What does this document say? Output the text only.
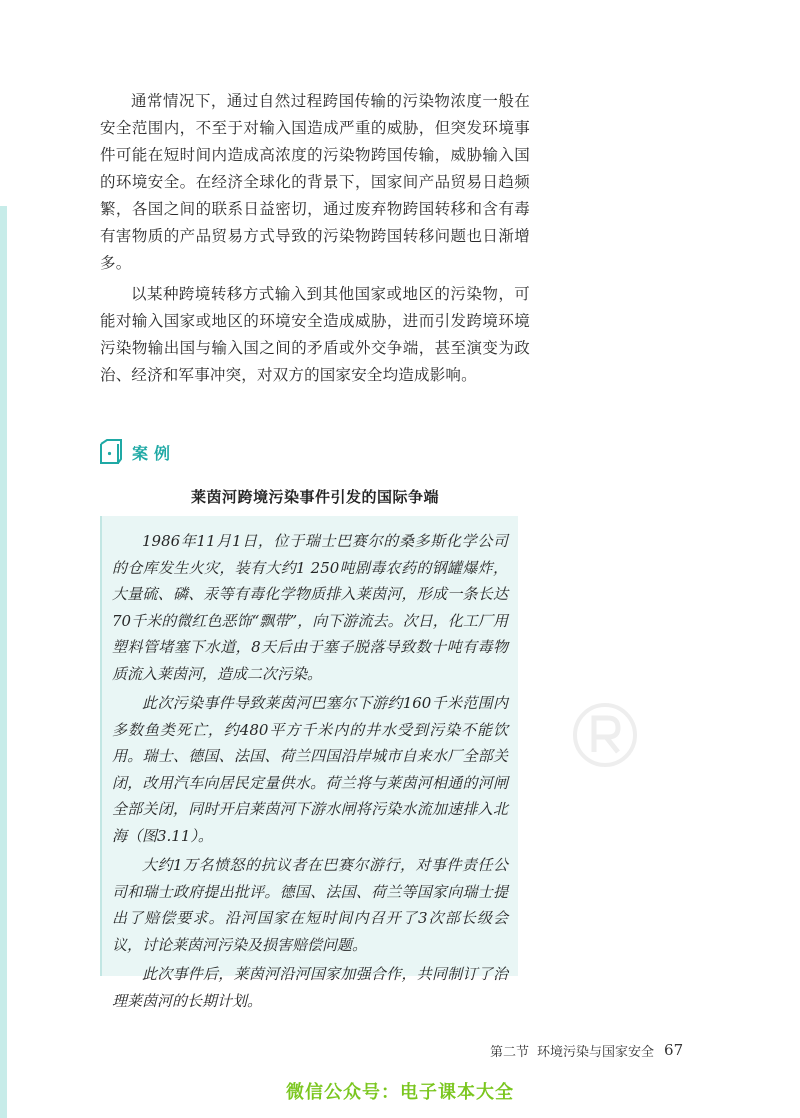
通常情况下，通过自然过程跨国传输的污染物浓度一般在安全范围内，不至于对输入国造成严重的威胁，但突发环境事件可能在短时间内造成高浓度的污染物跨国传输，威胁输入国的环境安全。在经济全球化的背景下，国家间产品贸易日趋频繁，各国之间的联系日益密切，通过废弃物跨国转移和含有毒有害物质的产品贸易方式导致的污染物跨国转移问题也日渐增多。

以某种跨境转移方式输入到其他国家或地区的污染物，可能对输入国家或地区的环境安全造成威胁，进而引发跨境环境污染物输出国与输入国之间的矛盾或外交争端，甚至演变为政治、经济和军事冲突，对双方的国家安全均造成影响。

案例
莱茵河跨境污染事件引发的国际争端

1986年11月1日，位于瑞士巴赛尔的桑多斯化学公司的仓库发生火灾，装有大约1 250吨剧毒农药的钢罐爆炸，大量硫、磷、汞等有毒化学物质排入莱茵河，形成一条长达70千米的微红色恶饰“飘带”，向下游流去。次日，化工厂用塑料管堵塞下水道，8天后由于塞子脱落导致数十吨有毒物质流入莱茵河，造成二次污染。

此次污染事件导致莱茵河巴塞尔下游约160千米范围内多数鱼类死亡，约480平方千米内的井水受到污染不能饮用。瑞士、德国、法国、荷兰四国沿岸城市自来水厂全部关闭，改用汽车向居民定量供水。荷兰将与莱茵河相通的河闸全部关闭，同时开启莱茵河下游水闸将污染水流加速排入北海（图3.11）。

大约1万名愤怒的抗议者在巴赛尔游行，对事件责任公司和瑞士政府提出批评。德国、法国、荷兰等国家向瑞士提出了赔偿要求。沿河国家在短时间内召开了3次部长级会议，讨论莱茵河污染及损害赔偿问题。

此次事件后，莱茵河沿河国家加强合作，共同制订了治理莱茵河的长期计划。

第二节 环境污染与国家安全 67
微信公众号：电子课本大全
